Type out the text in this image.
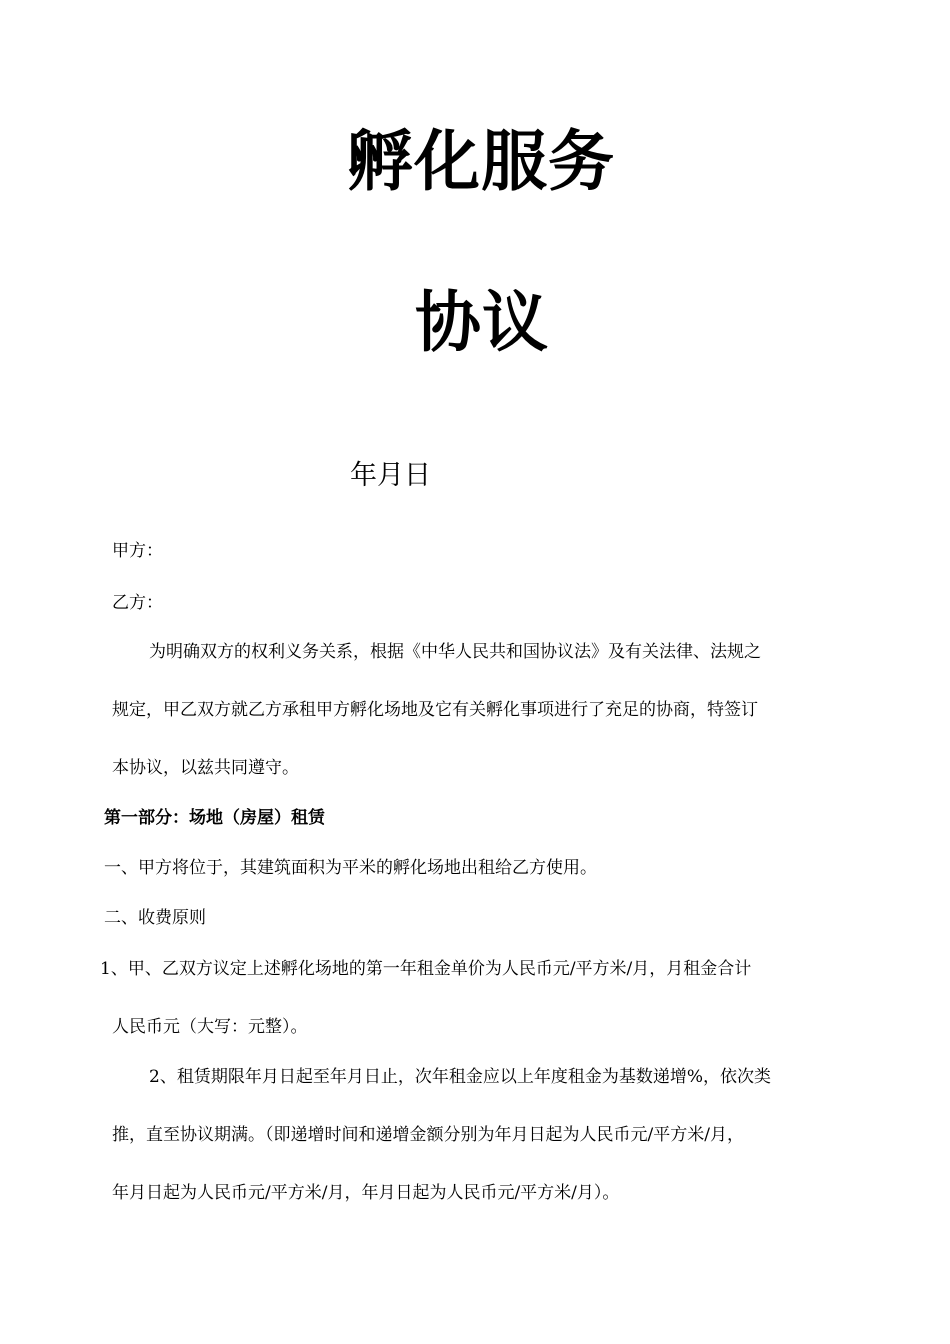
孵化服务
协议
年月日

甲方：

乙方：

为明确双方的权利义务关系，根据《中华人民共和国协议法》及有关法律、法规之

规定，甲乙双方就乙方承租甲方孵化场地及它有关孵化事项进行了充足的协商，特签订

本协议，以兹共同遵守。

第一部分：场地（房屋）租赁

一、甲方将位于，其建筑面积为平米的孵化场地出租给乙方使用。

二、收费原则

1、甲、乙双方议定上述孵化场地的第一年租金单价为人民币元/平方米/月，月租金合计

人民币元（大写：元整）。

2、租赁期限年月日起至年月日止，次年租金应以上年度租金为基数递增%，依次类

推，直至协议期满。（即递增时间和递增金额分别为年月日起为人民币元/平方米/月，

年月日起为人民币元/平方米/月，年月日起为人民币元/平方米/月）。
